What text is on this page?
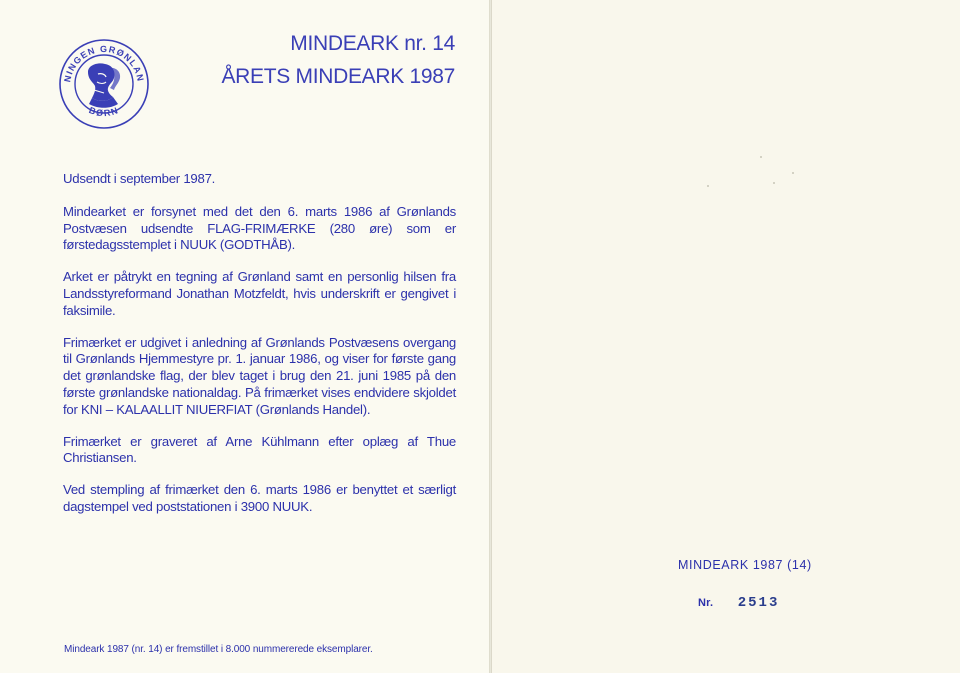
NINGEN GRØNLAN
BØRN
MINDEARK nr. 14
ÅRETS MINDEARK 1987

Udsendt i september 1987.

Mindearket er forsynet med det den 6. marts 1986 af Grønlands Postvæsen udsendte FLAG-FRIMÆRKE (280 øre) som er førstedagsstemplet i NUUK (GODTHÅB).

Arket er påtrykt en tegning af Grønland samt en personlig hilsen fra Landsstyreformand Jonathan Motzfeldt, hvis underskrift er gengivet i faksimile.

Frimærket er udgivet i anledning af Grønlands Postvæsens overgang til Grønlands Hjemmestyre pr. 1. januar 1986, og viser for første gang det grønlandske flag, der blev taget i brug den 21. juni 1985 på den første grønlandske nationaldag. På frimærket vises endvidere skjoldet for KNI – KALAALLIT NIUERFIAT (Grønlands Handel).

Frimærket er graveret af Arne Kühlmann efter oplæg af Thue Christiansen.

Ved stempling af frimærket den 6. marts 1986 er benyttet et særligt dagstempel ved poststationen i 3900 NUUK.

Mindeark 1987 (nr. 14) er fremstillet i 8.000 nummererede eksemplarer.
MINDEARK 1987 (14)
Nr. 2513
